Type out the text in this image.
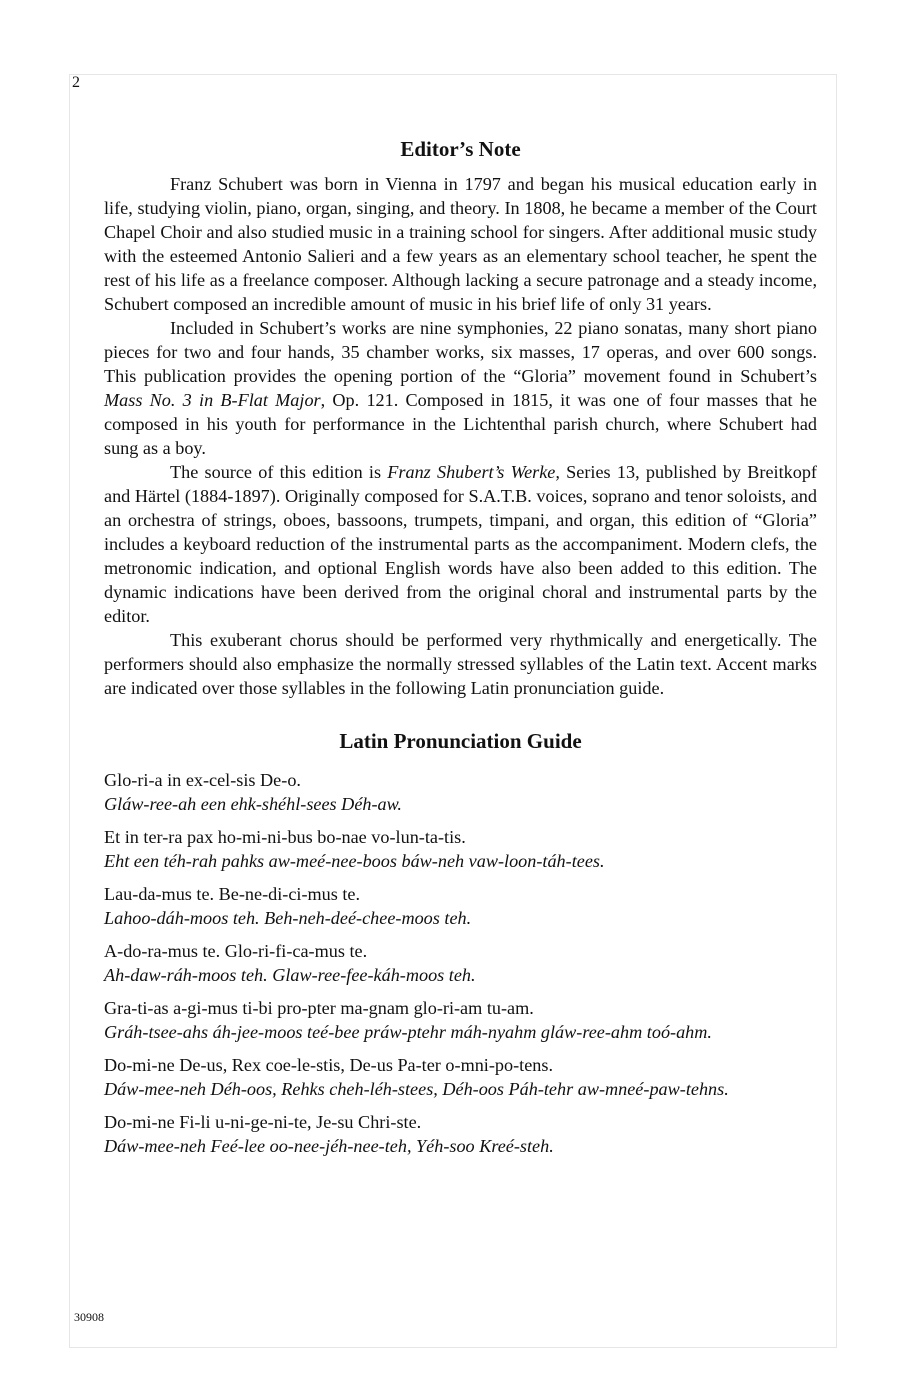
2
Editor’s Note

Franz Schubert was born in Vienna in 1797 and began his musical education early in life, studying violin, piano, organ, singing, and theory. In 1808, he became a member of the Court Chapel Choir and also studied music in a training school for singers. After additional music study with the esteemed Antonio Salieri and a few years as an elementary school teacher, he spent the rest of his life as a freelance composer. Although lacking a secure patronage and a steady income, Schubert composed an incredible amount of music in his brief life of only 31 years.

Included in Schubert’s works are nine symphonies, 22 piano sonatas, many short piano pieces for two and four hands, 35 chamber works, six masses, 17 operas, and over 600 songs. This publication provides the opening portion of the “Gloria” movement found in Schubert’s Mass No. 3 in B-Flat Major, Op. 121. Composed in 1815, it was one of four masses that he composed in his youth for performance in the Lichtenthal parish church, where Schubert had sung as a boy.

The source of this edition is Franz Shubert’s Werke, Series 13, published by Breitkopf and Härtel (1884-1897). Originally composed for S.A.T.B. voices, soprano and tenor soloists, and an orchestra of strings, oboes, bassoons, trumpets, timpani, and organ, this edition of “Gloria” includes a keyboard reduction of the instrumental parts as the accompaniment. Modern clefs, the metronomic indication, and optional English words have also been added to this edition. The dynamic indications have been derived from the original choral and instrumental parts by the editor.

This exuberant chorus should be performed very rhythmically and energetically. The performers should also emphasize the normally stressed syllables of the Latin text. Accent marks are indicated over those syllables in the following Latin pronunciation guide.

Latin Pronunciation Guide
Glo-ri-a in ex-cel-sis De-o.
Gláw-ree-ah een ehk-shéhl-sees Déh-aw.
Et in ter-ra pax ho-mi-ni-bus bo-nae vo-lun-ta-tis.
Eht een téh-rah pahks aw-meé-nee-boos báw-neh vaw-loon-táh-tees.
Lau-da-mus te. Be-ne-di-ci-mus te.
Lahoo-dáh-moos teh. Beh-neh-deé-chee-moos teh.
A-do-ra-mus te. Glo-ri-fi-ca-mus te.
Ah-daw-ráh-moos teh. Glaw-ree-fee-káh-moos teh.
Gra-ti-as a-gi-mus ti-bi pro-pter ma-gnam glo-ri-am tu-am.
Gráh-tsee-ahs áh-jee-moos teé-bee práw-ptehr máh-nyahm gláw-ree-ahm toó-ahm.
Do-mi-ne De-us, Rex coe-le-stis, De-us Pa-ter o-mni-po-tens.
Dáw-mee-neh Déh-oos, Rehks cheh-léh-stees, Déh-oos Páh-tehr aw-mneé-paw-tehns.
Do-mi-ne Fi-li u-ni-ge-ni-te, Je-su Chri-ste.
Dáw-mee-neh Feé-lee oo-nee-jéh-nee-teh, Yéh-soo Kreé-steh.
30908
